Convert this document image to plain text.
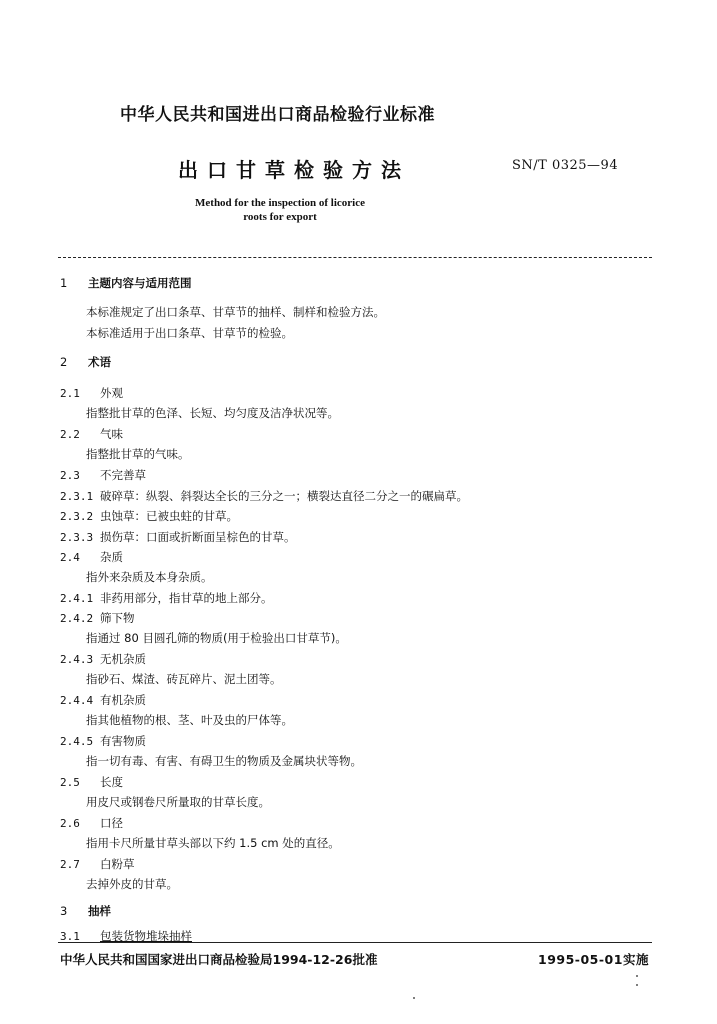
中华人民共和国进出口商品检验行业标准
出口甘草检验方法	SN/T 0325—94
Method for the inspection of licorice
roots for export
1 主题内容与适用范围
本标准规定了出口条草、甘草节的抽样、制样和检验方法。
本标准适用于出口条草、甘草节的检验。
2 术语
2.1 外观
指整批甘草的色泽、长短、均匀度及洁净状况等。
2.2 气味
指整批甘草的气味。
2.3 不完善草
2.3.1 破碎草：纵裂、斜裂达全长的三分之一；横裂达直径二分之一的碾扁草。
2.3.2 虫蚀草：已被虫蛀的甘草。
2.3.3 损伤草：口面或折断面呈棕色的甘草。
2.4 杂质
指外来杂质及本身杂质。
2.4.1 非药用部分，指甘草的地上部分。
2.4.2 筛下物
指通过 80 目圆孔筛的物质(用于检验出口甘草节)。
2.4.3 无机杂质
指砂石、煤渣、砖瓦碎片、泥土团等。
2.4.4 有机杂质
指其他植物的根、茎、叶及虫的尸体等。
2.4.5 有害物质
指一切有毒、有害、有碍卫生的物质及金属块状等物。
2.5 长度
用皮尺或钢卷尺所量取的甘草长度。
2.6 口径
指用卡尺所量甘草头部以下约 1.5 cm 处的直径。
2.7 白粉草
去掉外皮的甘草。
3 抽样
3.1 包装货物堆垛抽样
中华人民共和国国家进出口商品检验局1994-12-26批准	1995-05-01实施
